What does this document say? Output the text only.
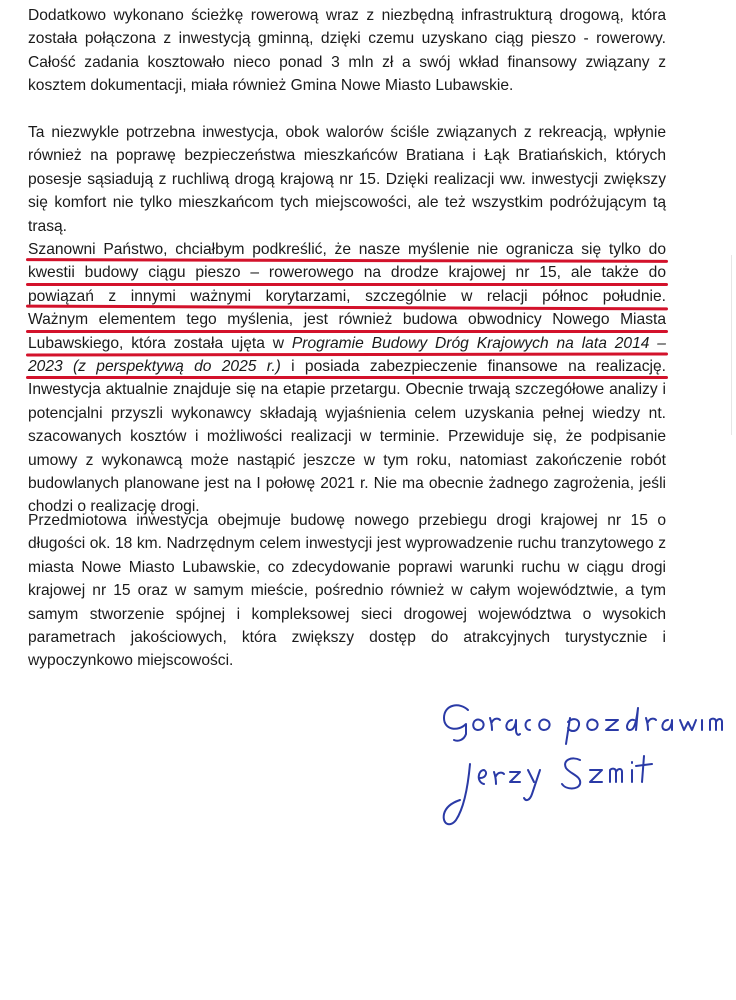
Dodatkowo wykonano ścieżkę rowerową wraz z niezbędną infrastrukturą drogową, która została połączona z inwestycją gminną, dzięki czemu uzyskano ciąg pieszo - rowerowy. Całość zadania kosztowało nieco ponad 3 mln zł a swój wkład finansowy związany z kosztem dokumentacji, miała również Gmina Nowe Miasto Lubawskie.

Ta niezwykle potrzebna inwestycja, obok walorów ściśle związanych z rekreacją, wpłynie również na poprawę bezpieczeństwa mieszkańców Bratiana i Łąk Bratiańskich, których posesje sąsiadują z ruchliwą drogą krajową nr 15. Dzięki realizacji ww. inwestycji zwiększy się komfort nie tylko mieszkańcom tych miejscowości, ale też wszystkim podróżującym tą trasą.

Szanowni Państwo, chciałbym podkreślić, że nasze myślenie nie ogranicza się tylko do
kwestii budowy ciągu pieszo – rowerowego na drodze krajowej nr 15, ale także do
powiązań z innymi ważnymi korytarzami, szczególnie w relacji północ południe.
Ważnym elementem tego myślenia, jest również budowa obwodnicy Nowego Miasta
Lubawskiego, która została ujęta w Programie Budowy Dróg Krajowych na lata 2014 –
2023 (z perspektywą do 2025 r.) i posiada zabezpieczenie finansowe na realizację.
Inwestycja aktualnie znajduje się na etapie przetargu. Obecnie trwają szczegółowe analizy i potencjalni przyszli wykonawcy składają wyjaśnienia celem uzyskania pełnej wiedzy nt. szacowanych kosztów i możliwości realizacji w terminie. Przewiduje się, że podpisanie umowy z wykonawcą może nastąpić jeszcze w tym roku, natomiast zakończenie robót budowlanych planowane jest na I połowę 2021 r. Nie ma obecnie żadnego zagrożenia, jeśli chodzi o realizację drogi.

Przedmiotowa inwestycja obejmuje budowę nowego przebiegu drogi krajowej nr 15 o długości ok. 18 km. Nadrzędnym celem inwestycji jest wyprowadzenie ruchu tranzytowego z miasta Nowe Miasto Lubawskie, co zdecydowanie poprawi warunki ruchu w ciągu drogi krajowej nr 15 oraz w samym mieście, pośrednio również w całym województwie, a tym samym stworzenie spójnej i kompleksowej sieci drogowej województwa o wysokich parametrach jakościowych, która zwiększy dostęp do atrakcyjnych turystycznie i wypoczynkowo miejscowości.
